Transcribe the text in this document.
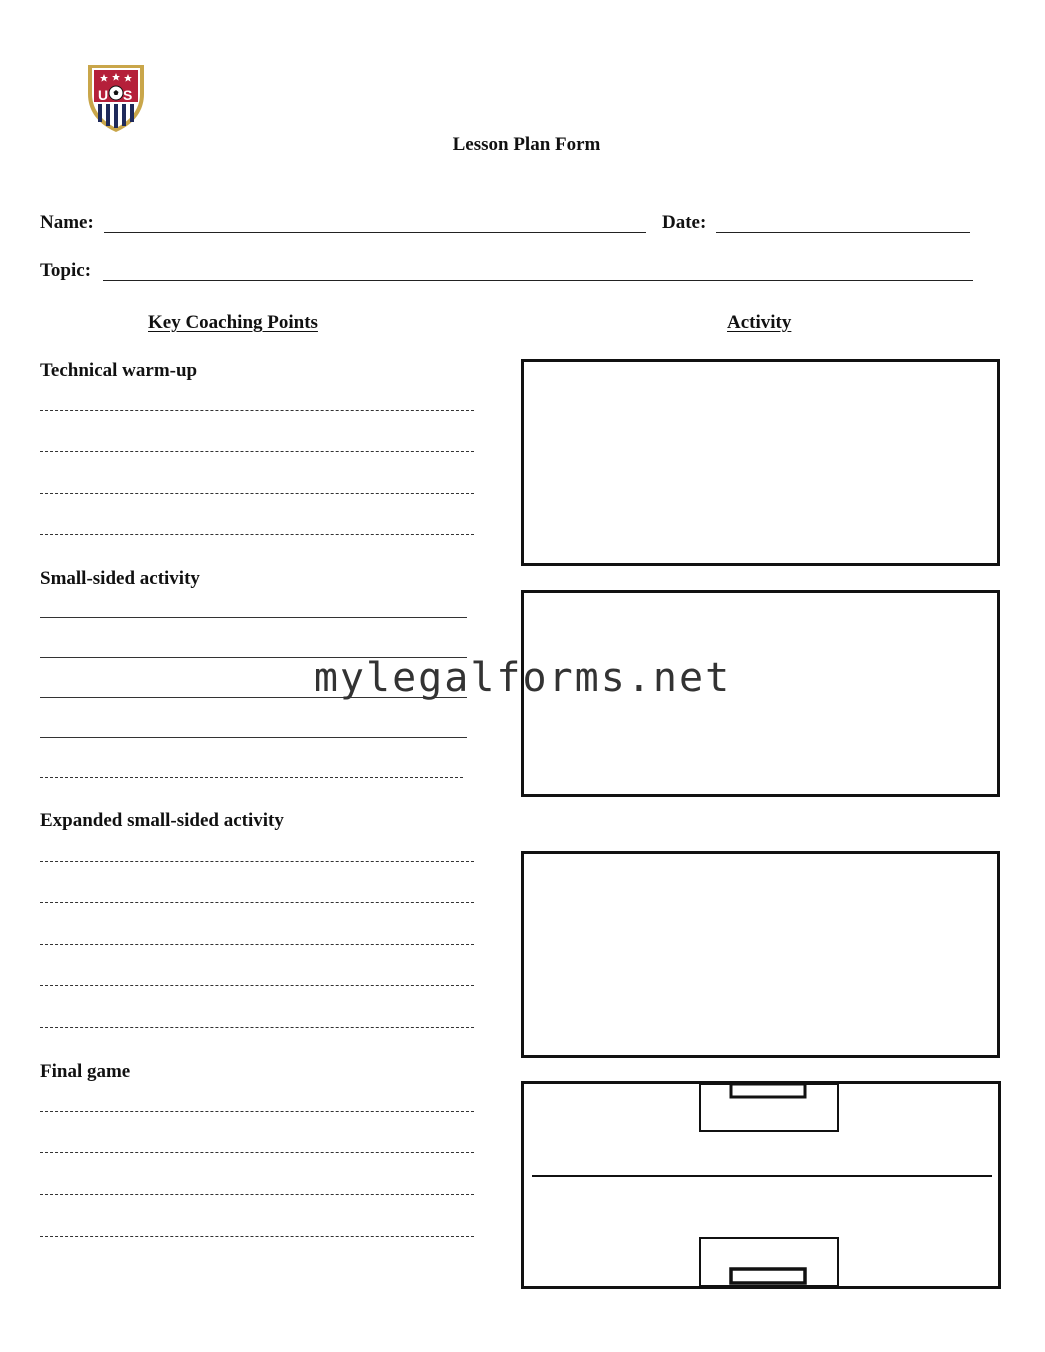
U S
Lesson Plan Form
Name:	Date:
Topic:
Key Coaching Points	Activity
Technical warm-up
Small-sided activity
Expanded small-sided activity
Final game
mylegalforms.net
